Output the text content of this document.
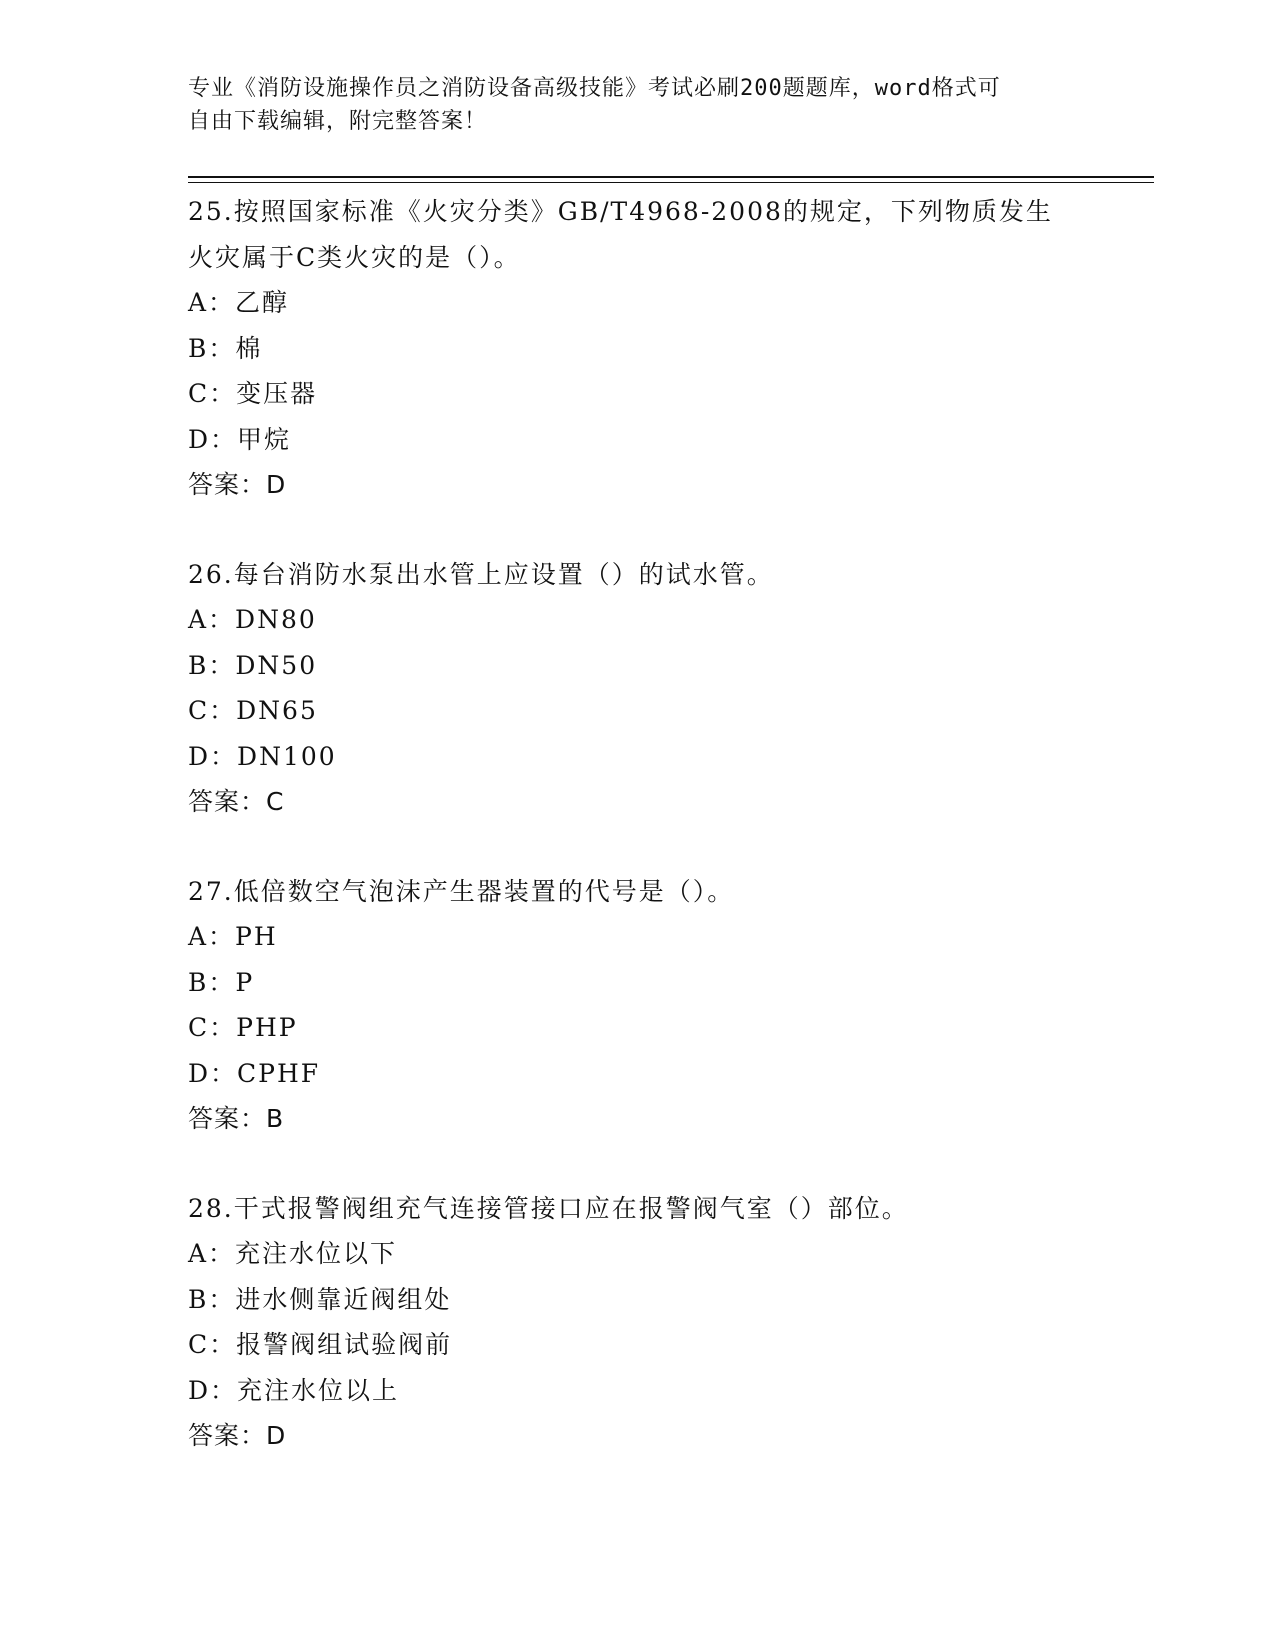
专业《消防设施操作员之消防设备高级技能》考试必刷200题题库，word格式可
自由下载编辑，附完整答案！
25.按照国家标准《火灾分类》GB/T4968-2008的规定，下列物质发生
火灾属于C类火灾的是（）。
A：乙醇
B：棉
C：变压器
D：甲烷
答案：D
26.每台消防水泵出水管上应设置（）的试水管。
A：DN80
B：DN50
C：DN65
D：DN100
答案：C
27.低倍数空气泡沫产生器装置的代号是（）。
A：PH
B：P
C：PHP
D：CPHF
答案：B
28.干式报警阀组充气连接管接口应在报警阀气室（）部位。
A：充注水位以下
B：进水侧靠近阀组处
C：报警阀组试验阀前
D：充注水位以上
答案：D
